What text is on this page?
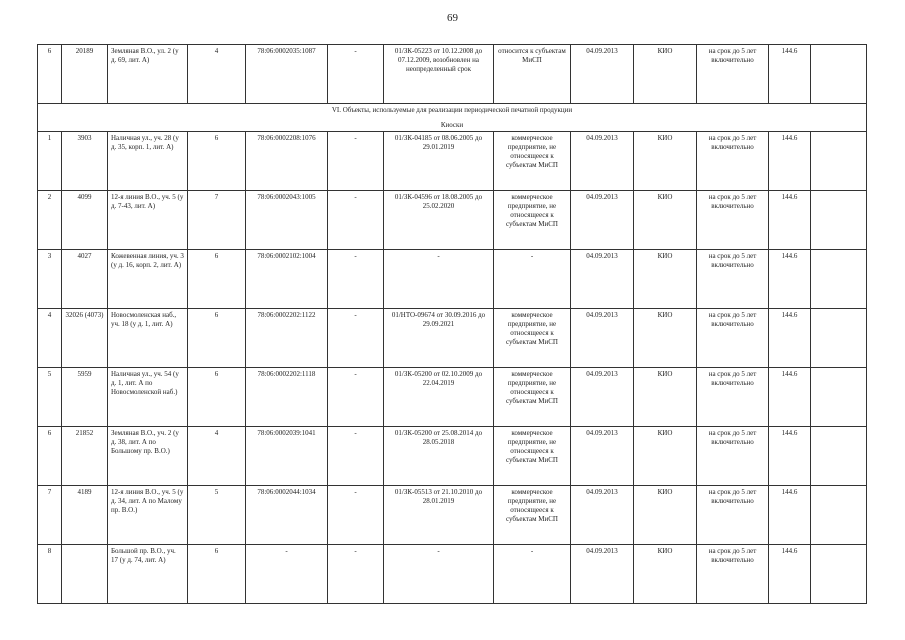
69
6	20189	Земляная В.О., ул. 2 (у д. 69, лит. А)	4	78:06:0002035:1087	-	01/ЗК-05223 от 10.12.2008 до 07.12.2009, возобновлен на неопределенный срок	относится к субъектам МиСП	04.09.2013	КИО	на срок до 5 лет включительно	144.6	

VI. Объекты, используемые для реализации периодической печатной продукции
Киоски												

1	3903	Наличная ул., уч. 28 (у д. 35, корп. 1, лит. А)	6	78:06:0002208:1076	-	01/ЗК-04185 от 08.06.2005 до 29.01.2019	коммерческое предприятие, не относящееся к субъектам МиСП	04.09.2013	КИО	на срок до 5 лет включительно	144.6	
2	4099	12-я линия В.О., уч. 5 (у д. 7-43, лит. А)	7	78:06:0002043:1005	-	01/ЗК-04596 от 18.08.2005 до 25.02.2020	коммерческое предприятие, не относящееся к субъектам МиСП	04.09.2013	КИО	на срок до 5 лет включительно	144.6	
3	4027	Кожевенная линия, уч. 3 (у д. 16, корп. 2, лит. А)	6	78:06:0002102:1004	-	-	-	04.09.2013	КИО	на срок до 5 лет включительно	144.6	
4	32026 (4073)	Новосмоленская наб., уч. 18 (у д. 1, лит. А)	6	78:06:0002202:1122	-	01/НТО-09674 от 30.09.2016 до 29.09.2021	коммерческое предприятие, не относящееся к субъектам МиСП	04.09.2013	КИО	на срок до 5 лет включительно	144.6	
5	5959	Наличная ул., уч. 54 (у д. 1, лит. А по Новосмоленской наб.)	6	78:06:0002202:1118	-	01/ЗК-05200 от 02.10.2009 до 22.04.2019	коммерческое предприятие, не относящееся к субъектам МиСП	04.09.2013	КИО	на срок до 5 лет включительно	144.6	
6	21852	Земляная В.О., уч. 2 (у д. 38, лит. А по Большому пр. В.О.)	4	78:06:0002039:1041	-	01/ЗК-05200 от 25.08.2014 до 28.05.2018	коммерческое предприятие, не относящееся к субъектам МиСП	04.09.2013	КИО	на срок до 5 лет включительно	144.6	
7	4189	12-я линия В.О., уч. 5 (у д. 34, лит. А по Малому пр. В.О.)	5	78:06:0002044:1034	-	01/ЗК-05513 от 21.10.2010 до 28.01.2019	коммерческое предприятие, не относящееся к субъектам МиСП	04.09.2013	КИО	на срок до 5 лет включительно	144.6	
8		Большой пр. В.О., уч. 17 (у д. 74, лит. А)	6	-	-	-	-	04.09.2013	КИО	на срок до 5 лет включительно	144.6	
